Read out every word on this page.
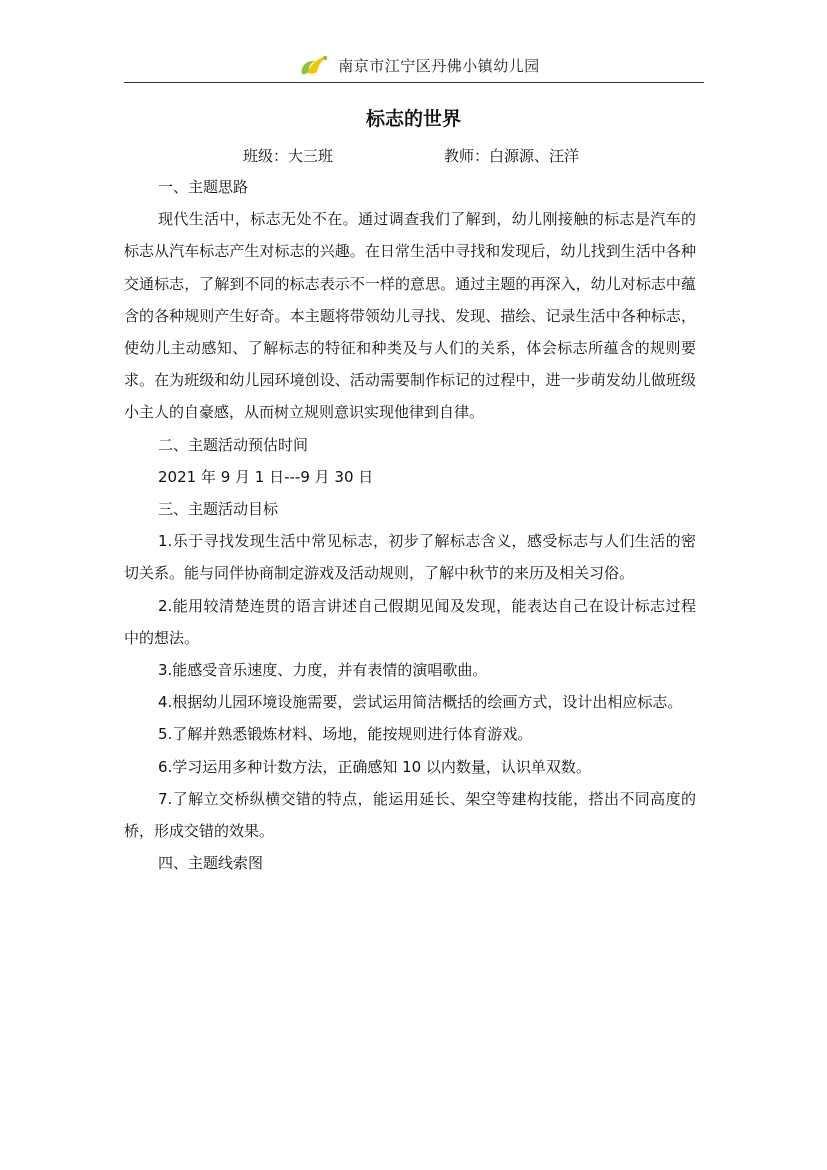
南京市江宁区丹佛小镇幼儿园
标志的世界
班级：大三班	教师：白源源、汪洋

一、主题思路

现代生活中，标志无处不在。通过调查我们了解到，幼儿刚接触的标志是汽车的标志从汽车标志产生对标志的兴趣。在日常生活中寻找和发现后，幼儿找到生活中各种交通标志，了解到不同的标志表示不一样的意思。通过主题的再深入，幼儿对标志中蕴含的各种规则产生好奇。本主题将带领幼儿寻找、发现、描绘、记录生活中各种标志，使幼儿主动感知、了解标志的特征和种类及与人们的关系，体会标志所蕴含的规则要求。在为班级和幼儿园环境创设、活动需要制作标记的过程中，进一步萌发幼儿做班级小主人的自豪感，从而树立规则意识实现他律到自律。

二、主题活动预估时间

2021 年 9 月 1 日---9 月 30 日

三、主题活动目标

1.乐于寻找发现生活中常见标志，初步了解标志含义，感受标志与人们生活的密切关系。能与同伴协商制定游戏及活动规则，了解中秋节的来历及相关习俗。

2.能用较清楚连贯的语言讲述自己假期见闻及发现，能表达自己在设计标志过程中的想法。

3.能感受音乐速度、力度，并有表情的演唱歌曲。

4.根据幼儿园环境设施需要，尝试运用简洁概括的绘画方式，设计出相应标志。

5.了解并熟悉锻炼材料、场地，能按规则进行体育游戏。

6.学习运用多种计数方法，正确感知 10 以内数量，认识单双数。

7.了解立交桥纵横交错的特点，能运用延长、架空等建构技能，搭出不同高度的桥，形成交错的效果。

四、主题线索图
